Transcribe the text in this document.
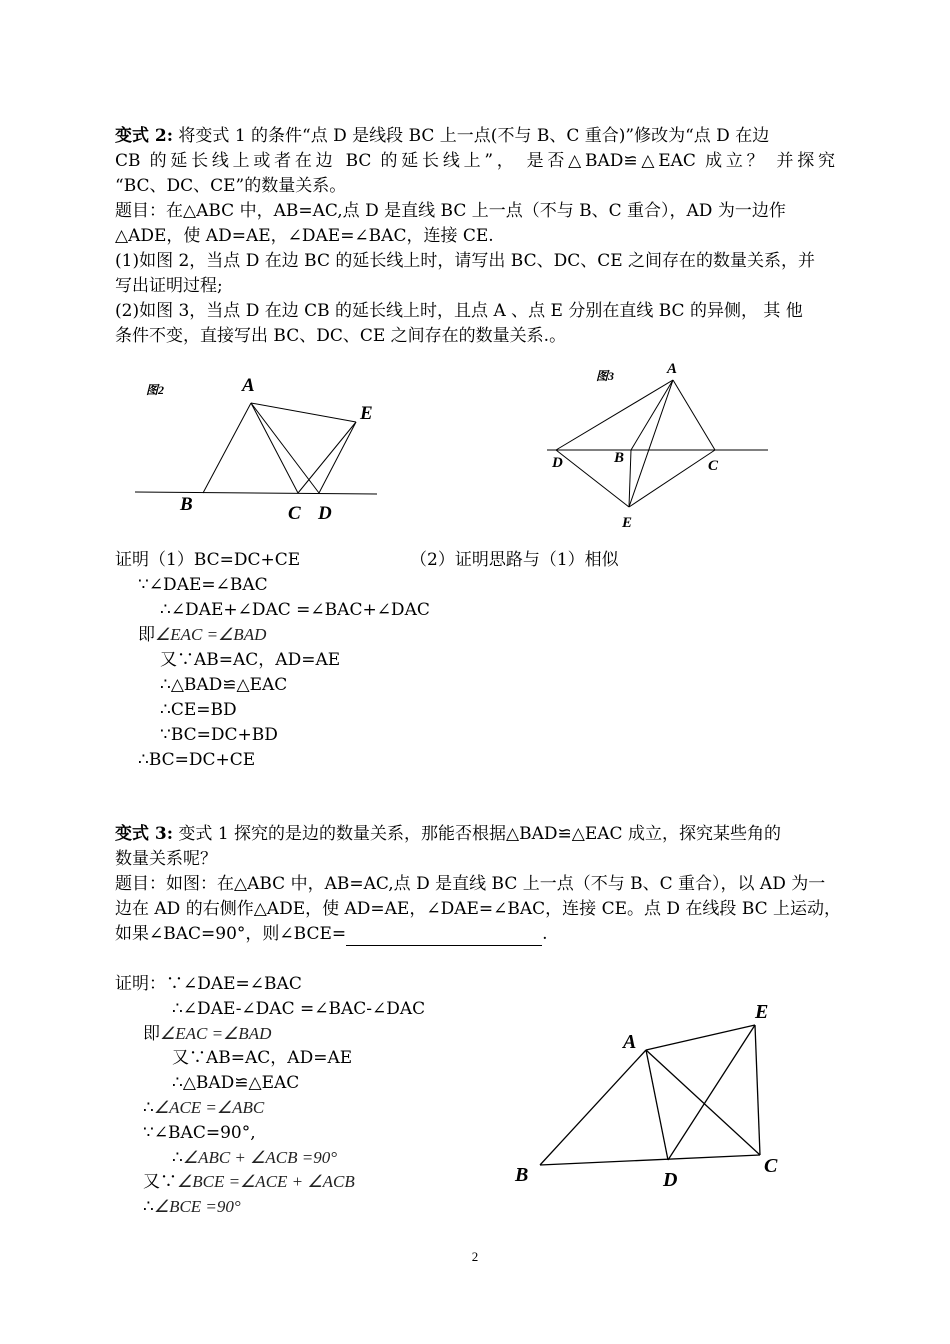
变式 2: 将变式 1 的条件“点 D 是线段 BC 上一点(不与 B、C 重合)”修改为“点 D 在边
CB 的延长线上或者在边 BC 的延长线上”， 是否△BAD≌△EAC 成立？ 并探究
“BC、DC、CE”的数量关系。
题目：在△ABC 中，AB=AC,点 D 是直线 BC 上一点（不与 B、C 重合），AD 为一边作
△ADE，使 AD=AE，∠DAE=∠BAC，连接 CE.
(1)如图 2，当点 D 在边 BC 的延长线上时，请写出 BC、DC、CE 之间存在的数量关系，并
写出证明过程;
(2)如图 3，当点 D 在边 CB 的延长线上时，且点 A 、点 E 分别在直线 BC 的异侧， 其 他
条件不变，直接写出 BC、DC、CE 之间存在的数量关系.。
图2	A
E
B	C D
图3	A
D	B	C
E
证明（1）BC=DC+CE	（2）证明思路与（1）相似
∵∠DAE=∠BAC
∴∠DAE+∠DAC =∠BAC+∠DAC
即∠EAC =∠BAD
又∵AB=AC，AD=AE
∴△BAD≌△EAC
∴CE=BD
∵BC=DC+BD
∴BC=DC+CE
变式 3: 变式 1 探究的是边的数量关系，那能否根据△BAD≌△EAC 成立，探究某些角的
数量关系呢？
题目：如图：在△ABC 中，AB=AC,点 D 是直线 BC 上一点（不与 B、C 重合），以 AD 为一
边在 AD 的右侧作△ADE，使 AD=AE，∠DAE=∠BAC，连接 CE。点 D 在线段 BC 上运动，
如果∠BAC=90°，则∠BCE=	.
证明：∵∠DAE=∠BAC
∴∠DAE-∠DAC =∠BAC-∠DAC
即∠EAC =∠BAD
又∵AB=AC，AD=AE
∴△BAD≌△EAC
∴∠ACE =∠ABC
∵∠BAC=90°,
∴∠ABC + ∠ACB =90°
又∵∠BCE =∠ACE + ∠ACB
∴∠BCE =90°
A
E
B	D
C
2
